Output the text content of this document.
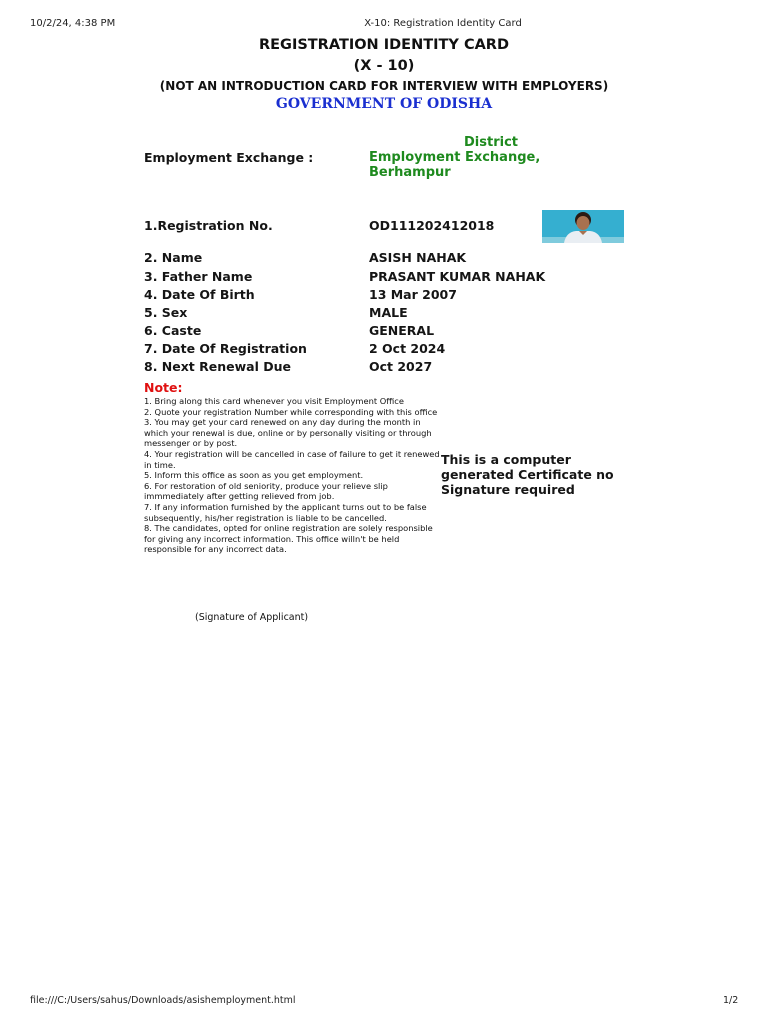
10/2/24, 4:38 PM	X-10: Registration Identity Card
REGISTRATION IDENTITY CARD
(X - 10)
(NOT AN INTRODUCTION CARD FOR INTERVIEW WITH EMPLOYERS)
GOVERNMENT OF ODISHA
Employment Exchange :
District
Employment Exchange,
Berhampur
1.Registration No.	OD111202412018
2. Name	ASISH NAHAK
3. Father Name	PRASANT KUMAR NAHAK
4. Date Of Birth	13 Mar 2007
5. Sex	MALE
6. Caste	GENERAL
7. Date Of Registration	2 Oct 2024
8. Next Renewal Due	Oct 2027
Note:
1. Bring along this card whenever you visit Employment Office
2. Quote your registration Number while corresponding with this office
3. You may get your card renewed on any day during the month in which your renewal is due, online or by personally visiting or through messenger or by post.
4. Your registration will be cancelled in case of failure to get it renewed in time.
5. Inform this office as soon as you get employment.
6. For restoration of old seniority, produce your relieve slip immmediately after getting relieved from job.
7. If any information furnished by the applicant turns out to be false subsequently, his/her registration is liable to be cancelled.
8. The candidates, opted for online registration are solely responsible for giving any incorrect information. This office willn't be held responsible for any incorrect data.
This is a computer generated Certificate no Signature required
(Signature of Applicant)
file:///C:/Users/sahus/Downloads/asishemployment.html	1/2
